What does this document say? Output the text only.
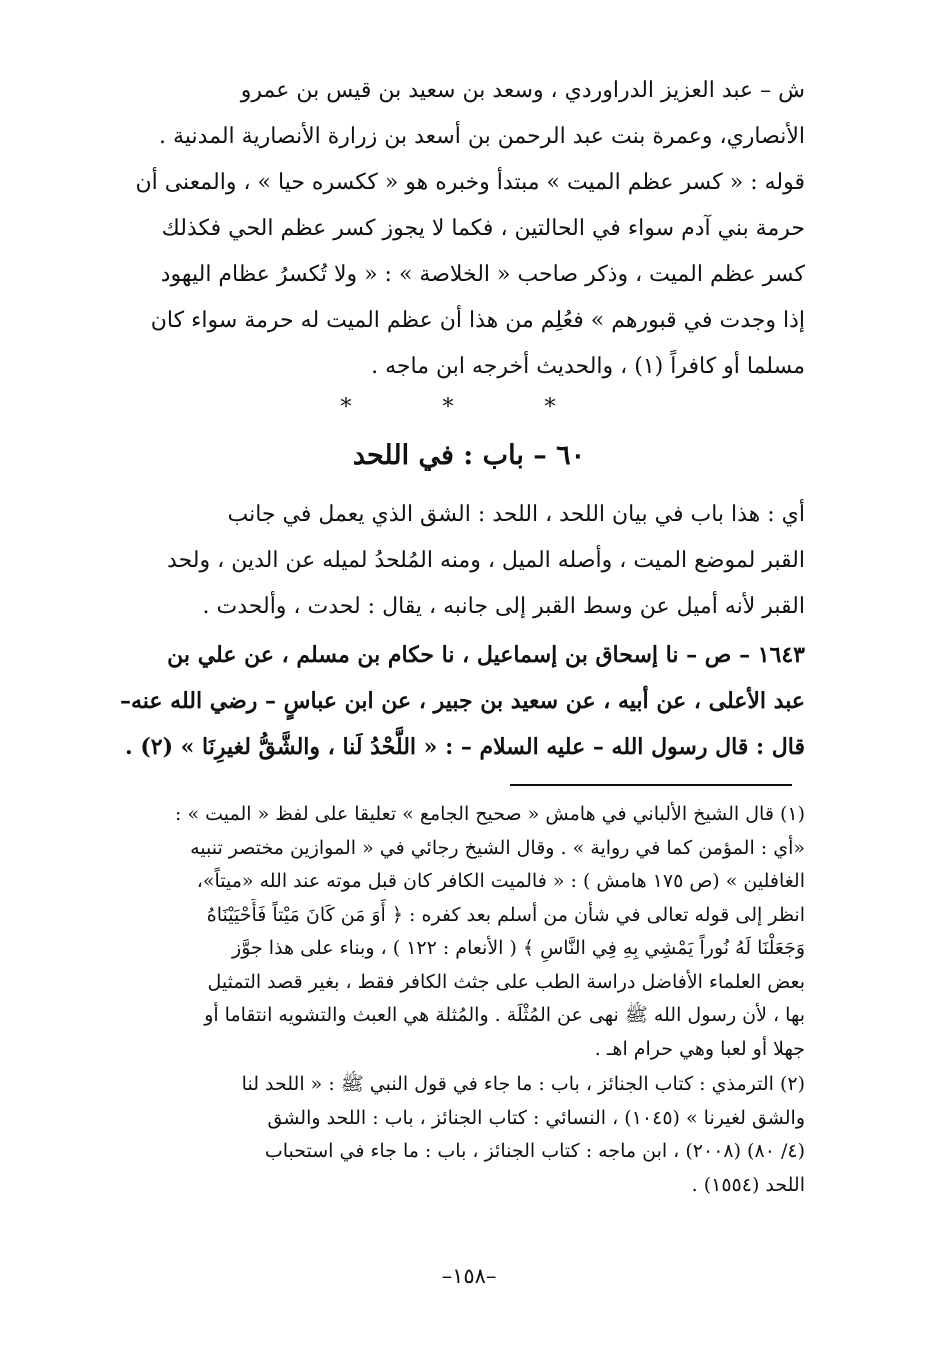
ش – عبد العزيز الدراوردي ، وسعد بن سعيد بن قيس بن عمرو
الأنصاري، وعمرة بنت عبد الرحمن بن أسعد بن زرارة الأنصارية المدنية .
قوله : « كسر عظم الميت » مبتدأ وخبره هو « ككسره حيا » ، والمعنى أن
حرمة بني آدم سواء في الحالتين ، فكما لا يجوز كسر عظم الحي فكذلك
كسر عظم الميت ، وذكر صاحب « الخلاصة » : « ولا تُكسرُ عظام اليهود
إذا وجدت في قبورهم » فعُلِم من هذا أن عظم الميت له حرمة سواء كان
مسلما أو كافراً (١) ، والحديث أخرجه ابن ماجه .
* * *
٦٠ – باب : في اللحد
أي : هذا باب في بيان اللحد ، اللحد : الشق الذي يعمل في جانب
القبر لموضع الميت ، وأصله الميل ، ومنه المُلحدُ لميله عن الدين ، ولحد
القبر لأنه أميل عن وسط القبر إلى جانبه ، يقال : لحدت ، وألحدت .
١٦٤٣ – ص – نا إسحاق بن إسماعيل ، نا حكام بن مسلم ، عن علي بن
عبد الأعلى ، عن أبيه ، عن سعيد بن جبير ، عن ابن عباسٍ – رضي الله عنه–
قال : قال رسول الله – عليه السلام – : « اللَّحْدُ لَنا ، والشَّقُّ لغيرِنَا » (٢) .
(١) قال الشيخ الألباني في هامش « صحيح الجامع » تعليقا على لفظ « الميت » :
«أي : المؤمن كما في رواية » . وقال الشيخ رجائي في « الموازين مختصر تنبيه
الغافلين » (ص ١٧٥ هامش ) : « فالميت الكافر كان قبل موته عند الله «ميتاً»،
انظر إلى قوله تعالى في شأن من أسلم بعد كفره : ﴿ أَوَ مَن كَانَ مَيْتاً فَأَحْيَيْنَاهُ
وَجَعَلْنَا لَهُ نُوراً يَمْشِي بِهِ فِي النَّاسِ ﴾ ( الأنعام : ١٢٢ ) ، وبناء على هذا جوَّز
بعض العلماء الأفاضل دراسة الطب على جثث الكافر فقط ، بغير قصد التمثيل
بها ، لأن رسول الله ﷺ نهى عن المُثْلَة . والمُثلة هي العبث والتشويه انتقاما أو
جهلا أو لعبا وهي حرام اهـ .
(٢) الترمذي : كتاب الجنائز ، باب : ما جاء في قول النبي ﷺ : « اللحد لنا
والشق لغيرنا » (١٠٤٥) ، النسائي : كتاب الجنائز ، باب : اللحد والشق
(٤/ ٨٠) (٢٠٠٨) ، ابن ماجه : كتاب الجنائز ، باب : ما جاء في استحباب
اللحد (١٥٥٤) .
–١٥٨–
